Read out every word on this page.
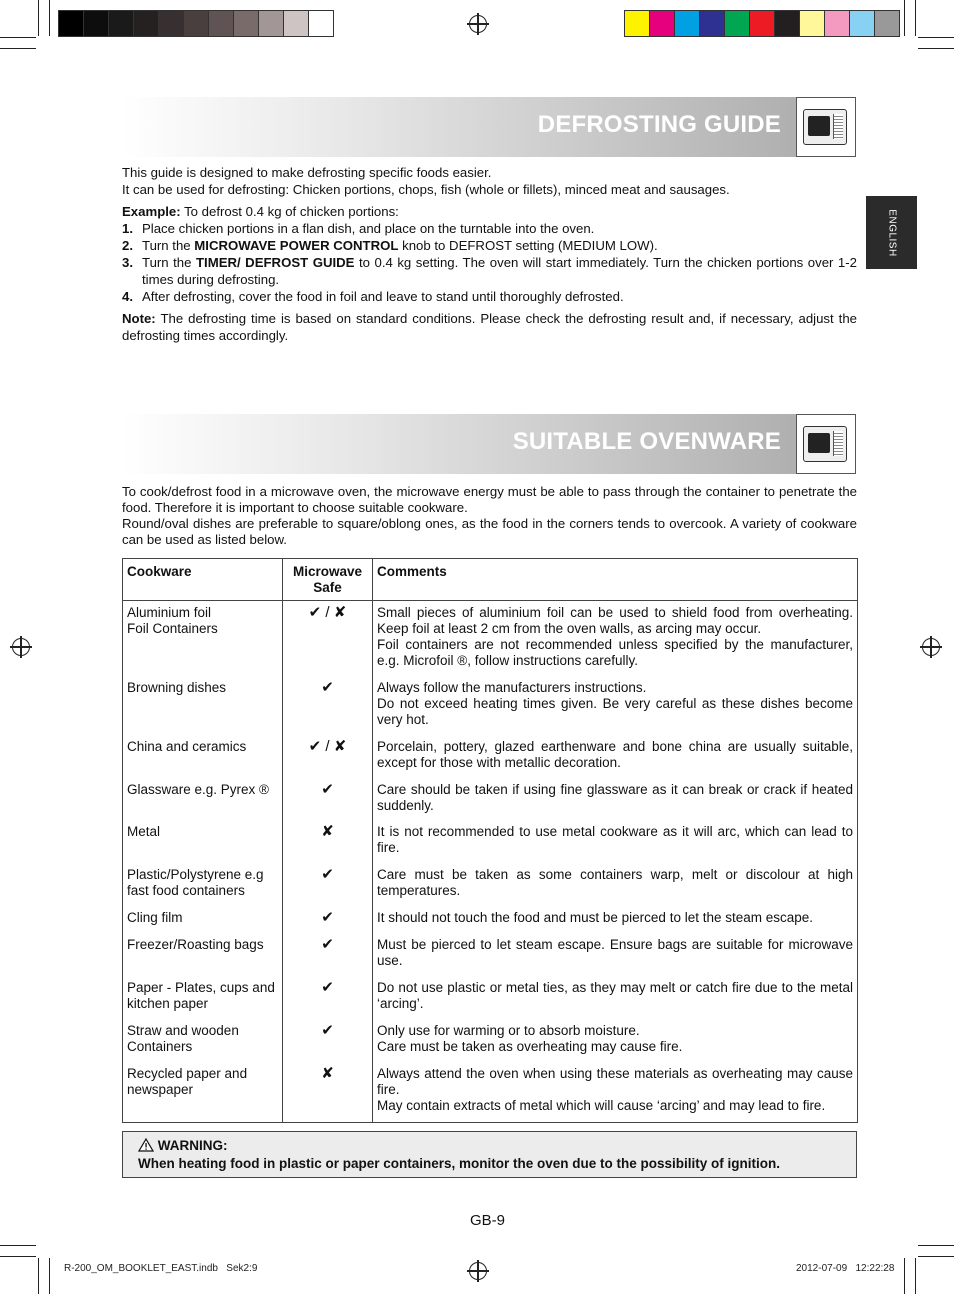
ENGLISH
DEFROSTING GUIDE

This guide is designed to make defrosting specific foods easier.

It can be used for defrosting: Chicken portions, chops, fish (whole or fillets), minced meat and sausages.

Example: To defrost 0.4 kg of chicken portions:

1. Place chicken portions in a flan dish, and place on the turntable into the oven.
2. Turn the MICROWAVE POWER CONTROL knob to DEFROST setting (MEDIUM LOW).
3. Turn the TIMER/ DEFROST GUIDE to 0.4 kg setting. The oven will start immediately. Turn the chicken portions over 1-2 times during defrosting.
4. After defrosting, cover the food in foil and leave to stand until thoroughly defrosted.

Note: The defrosting time is based on standard conditions. Please check the defrosting result and, if necessary, adjust the defrosting times accordingly.

SUITABLE OVENWARE

To cook/defrost food in a microwave oven, the microwave energy must be able to pass through the container to penetrate the food. Therefore it is important to choose suitable cookware.

Round/oval dishes are preferable to square/oblong ones, as the food in the corners tends to overcook. A variety of cookware can be used as listed below.

Cookware	Microwave Safe	Comments
Aluminium foil
Foil Containers	✔ / ✘	Small pieces of aluminium foil can be used to shield food from overheating. Keep foil at least 2 cm from the oven walls, as arcing may occur.
Foil containers are not recommended unless specified by the manufacturer, e.g. Microfoil ®, follow instructions carefully.
Browning dishes	✔	Always follow the manufacturers instructions.
Do not exceed heating times given. Be very careful as these dishes become very hot.
China and ceramics	✔ / ✘	Porcelain, pottery, glazed earthenware and bone china are usually suitable, except for those with metallic decoration.
Glassware e.g. Pyrex ®	✔	Care should be taken if using fine glassware as it can break or crack if heated suddenly.
Metal	✘	It is not recommended to use metal cookware as it will arc, which can lead to fire.
Plastic/Polystyrene e.g fast food containers	✔	Care must be taken as some containers warp, melt or discolour at high temperatures.
Cling film	✔	It should not touch the food and must be pierced to let the steam escape.
Freezer/Roasting bags	✔	Must be pierced to let steam escape. Ensure bags are suitable for microwave use.
Paper - Plates, cups and kitchen paper	✔	Do not use plastic or metal ties, as they may melt or catch fire due to the metal ‘arcing’.
Straw and wooden Containers	✔	Only use for warming or to absorb moisture.
Care must be taken as overheating may cause fire.
Recycled paper and newspaper	✘	Always attend the oven when using these materials as overheating may cause fire.
May contain extracts of metal which will cause ‘arcing’ and may lead to fire.
WARNING:
When heating food in plastic or paper containers, monitor the oven due to the possibility of ignition.
GB-9
R-200_OM_BOOKLET_EAST.indb   Sek2:9	2012-07-09   12:22:28
